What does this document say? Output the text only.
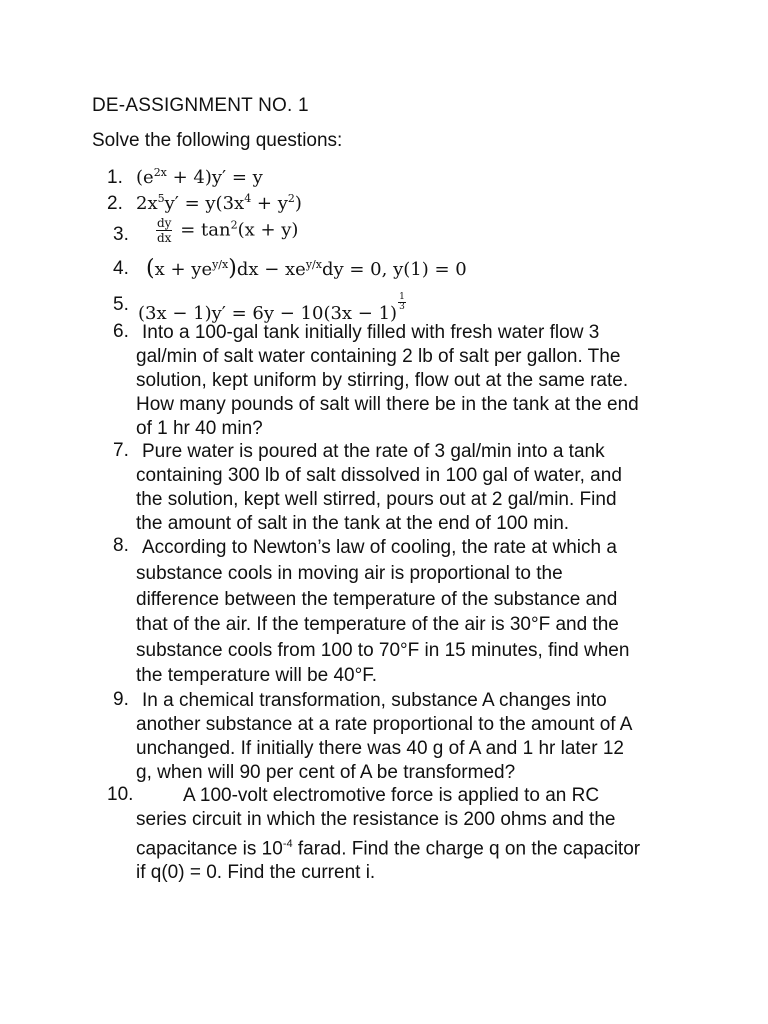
DE-ASSIGNMENT NO. 1
Solve the following questions:
1. $(e^{2x} + 4)y' = y$
2. $2x^5y' = y(3x^4 + y^2)$
3. $\frac{dy}{dx} = \tan^2(x + y)$
4. $(x + ye^{y/x})dx - xe^{y/x}dy = 0$, y(1) = 0
5. (3x − 1)y′ = 6y − 10(3x − 1)
$\frac{1}{3}$
6. Into a 100-gal tank initially filled with fresh water flow 3
gal/min of salt water containing 2 lb of salt per gallon. The
solution, kept uniform by stirring, flow out at the same rate.
How many pounds of salt will there be in the tank at the end
of 1 hr 40 min?
7. Pure water is poured at the rate of 3 gal/min into a tank
containing 300 lb of salt dissolved in 100 gal of water, and
the solution, kept well stirred, pours out at 2 gal/min. Find
the amount of salt in the tank at the end of 100 min.
8. According to Newton’s law of cooling, the rate at which a
substance cools in moving air is proportional to the
difference between the temperature of the substance and
that of the air. If the temperature of the air is 30°F and the
substance cools from 100 to 70°F in 15 minutes, find when
the temperature will be 40°F.
9. In a chemical transformation, substance A changes into
another substance at a rate proportional to the amount of A
unchanged. If initially there was 40 g of A and 1 hr later 12
g, when will 90 per cent of A be transformed?
10.	A 100-volt electromotive force is applied to an RC
series circuit in which the resistance is 200 ohms and the
capacitance is $10^{-4}$ farad. Find the charge q on the capacitor
if q(0) = 0. Find the current i.
